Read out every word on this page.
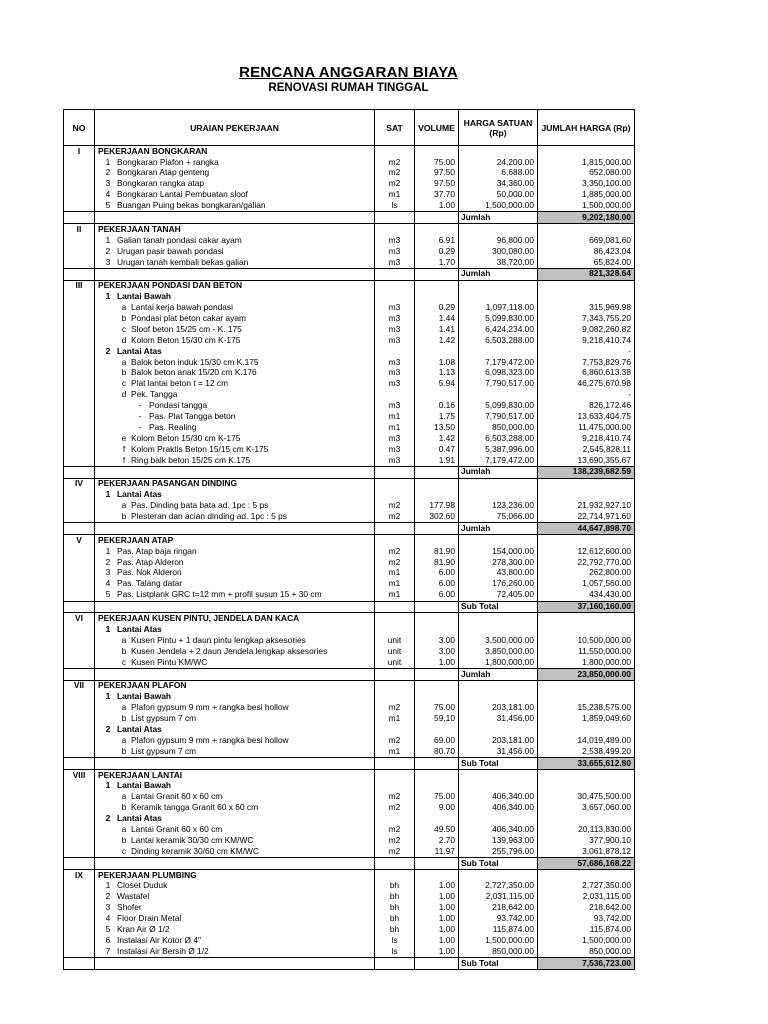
RENCANA ANGGARAN BIAYA
RENOVASI RUMAH TINGGAL
NO	URAIAN PEKERJAAN	SAT	VOLUME	HARGA SATUAN (Rp)	JUMLAH HARGA (Rp)
I	PEKERJAAN BONGKARAN				
	1 Bongkaran Plafon + rangka	m2	75.00	24,200.00	1,815,000.00
	2 Bongkaran Atap genteng	m2	97.50	6,688.00	652,080.00
	3 Bongkaran rangka atap	m2	97.50	34,360.00	3,350,100.00
	4 Bongkaran Lantai Pembuatan sloof	m1	37.70	50,000.00	1,885,000.00
	5 Buangan Puing bekas bongkaran/galian	ls	1.00	1,500,000.00	1,500,000.00
				Jumlah	9,202,180.00
II	PEKERJAAN TANAH				
	1 Galian tanah pondasi cakar ayam	m3	6.91	96,800.00	669,081.60
	2 Urugan pasir bawah pondasi	m3	0.29	300,080.00	86,423.04
	3 Urugan tanah kembali bekas galian	m3	1.70	38,720.00	65,824.00
				Jumlah	821,328.64
III	PEKERJAAN PONDASI DAN BETON				
	1 Lantai Bawah				
	a Lantai kerja bawah pondasi	m3	0.29	1,097,118.00	315,969.98
	b Pondasi plat beton cakar ayam	m3	1.44	5,099,830.00	7,343,755.20
	c Sloof beton 15/25 cm - K. 175	m3	1.41	6,424,234.00	9,082,260.82
	d Kolom Beton 15/30 cm K-175	m3	1.42	6,503,288.00	9,218,410.74
	2 Lantai Atas				-
	a Balok beton induk 15/30 cm K.175	m3	1.08	7,179,472.00	7,753,829.76
	b Balok beton anak 15/20 cm K.176	m3	1.13	6,098,323.00	6,860,613.38
	c Plat lantai beton t = 12 cm	m3	5.94	7,790,517.00	46,275,670.98
	d Pek. Tangga				-
	- Pondasi tangga	m3	0.16	5,099,830.00	826,172.46
	- Pas. Plat Tangga beton	m1	1.75	7,790,517.00	13,633,404.75
	- Pas. Realing	m1	13.50	850,000.00	11,475,000.00
	e Kolom Beton 15/30 cm K-175	m3	1.42	6,503,288.00	9,218,410.74
	f Kolom Praktis Beton 15/15 cm K-175	m3	0.47	5,387,996.00	2,545,828.11
	f Ring balk beton 15/25 cm K.175	m3	1.91	7,179,472.00	13,690,355.67
				Jumlah	138,239,682.59
IV	PEKERJAAN PASANGAN DINDING				
	1 Lantai Atas				
	a Pas. Dinding bata bata ad. 1pc : 5 ps	m2	177.98	123,236.00	21,932,927.10
	b Plesteran dan acian dinding ad. 1pc : 5 ps	m2	302.60	75,066.00	22,714,971.60
				Jumlah	44,647,898.70
V	PEKERJAAN ATAP				
	1 Pas. Atap baja ringan	m2	81.90	154,000.00	12,612,600.00
	2 Pas. Atap Alderon	m2	81.90	278,300.00	22,792,770.00
	3 Pas. Nok Alderon	m1	6.00	43,800.00	262,800.00
	4 Pas. Talang datar	m1	6.00	176,260.00	1,057,560.00
	5 Pas. Listplank GRC t=12 mm + profil susun 15 + 30 cm	m1	6.00	72,405.00	434,430.00
				Sub Total	37,160,160.00
VI	PEKERJAAN KUSEN PINTU, JENDELA DAN KACA				
	1 Lantai Atas				
	a Kusen Pintu + 1 daun pintu lengkap aksesories	unit	3.00	3,500,000.00	10,500,000.00
	b Kusen Jendela + 2 daun Jendela lengkap aksesories	unit	3.00	3,850,000.00	11,550,000.00
	c Kusen Pintu KM/WC	unit	1.00	1,800,000.00	1,800,000.00
				Jumlah	23,850,000.00
VII	PEKERJAAN PLAFON				
	1 Lantai Bawah				
	a Plafon gypsum 9 mm + rangka besi hollow	m2	75.00	203,181.00	15,238,575.00
	b List gypsum 7 cm	m1	59.10	31,456.00	1,859,049.60
	2 Lantai Atas				
	a Plafon gypsum 9 mm + rangka besi hollow	m2	69.00	203,181.00	14,019,489.00
	b List gypsum 7 cm	m1	80.70	31,456.00	2,538,499.20
				Sub Total	33,655,612.80
VIII	PEKERJAAN LANTAI				
	1 Lantai Bawah				
	a Lantai Granit 60 x 60 cm	m2	75.00	406,340.00	30,475,500.00
	b Keramik tangga Granit 60 x 60 cm	m2	9.00	406,340.00	3,657,060.00
	2 Lantai Atas				
	a Lantai Granit 60 x 60 cm	m2	49.50	406,340.00	20,113,830.00
	b Lantai keramik 30/30 cm KM/WC	m2	2.70	139,963.00	377,900.10
	c Dinding keramik 30/60 cm KM/WC	m2	11.97	255,796.00	3,061,878.12
				Sub Total	57,686,168.22
IX	PEKERJAAN PLUMBING				
	1 Closet Duduk	bh	1.00	2,727,350.00	2,727,350.00
	2 Wastafel	bh	1.00	2,031,115.00	2,031,115.00
	3 Shofer	bh	1.00	218,642.00	218,642.00
	4 Floor Drain Metal	bh	1.00	93,742.00	93,742.00
	5 Kran Air Ø 1/2	bh	1.00	115,874.00	115,874.00
	6 Instalasi Air Kotor Ø 4"	ls	1.00	1,500,000.00	1,500,000.00
	7 Instalasi Air Bersih Ø 1/2	ls	1.00	850,000.00	850,000.00
				Sub Total	7,536,723.00
